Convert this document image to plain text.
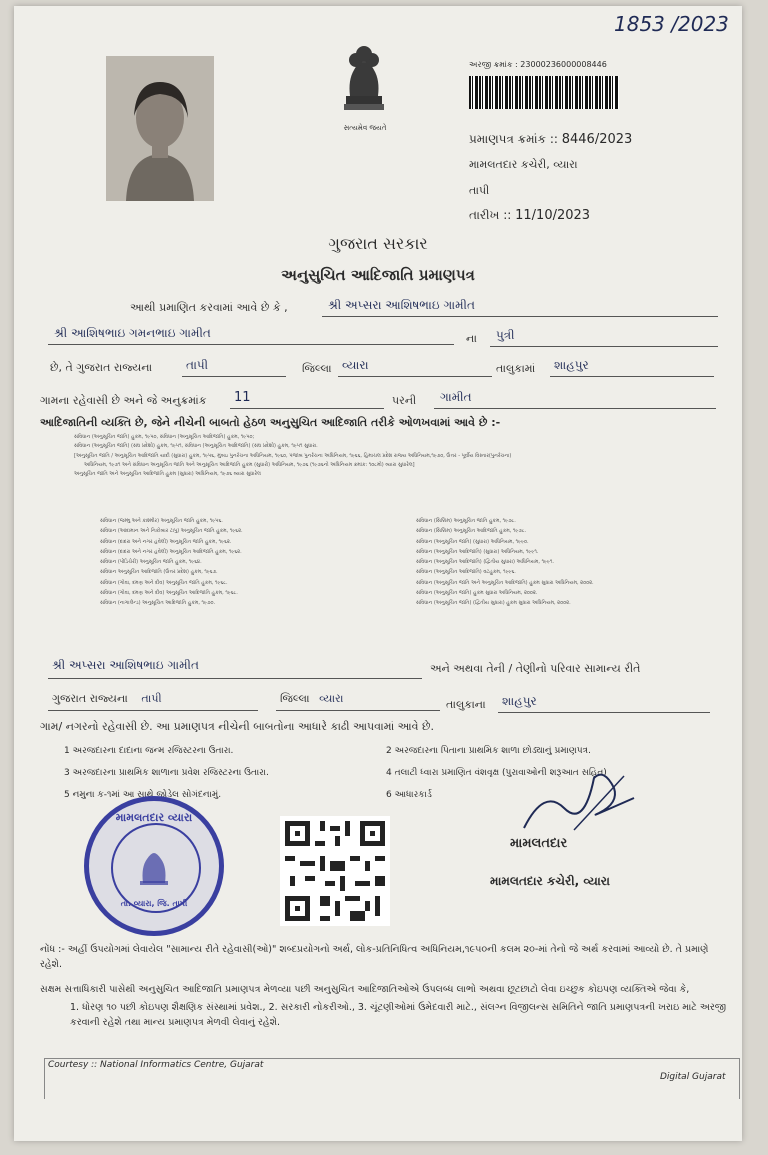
1853 /2023
સત્યમેવ જયતે
અરજી ક્રમાંક : 23000236000008446
પ્રમાણપત્ર ક્રમાંક :: 8446/2023
મામલતદાર કચેરી, વ્યારા
તાપી
તારીખ :: 11/10/2023
ગુજરાત સરકાર
અનુસુચિત આદિજાતિ પ્રમાણપત્ર
આથી પ્રમાણિત કરવામાં આવે છે કે ,	શ્રી અપ્સરા આશિષભાઇ ગામીત
શ્રી આશિષભાઇ ગમનભાઇ ગામીત	ના	પુત્રી
છે, તે ગુજરાત રાજ્યના	તાપી	જિલ્લા વ્યારા	તાલુકામાં	શાહપુર
ગામના રહેવાસી છે અને જે અનુક્રમાંક	11	પરની	ગામીત
આદિજાતિની વ્યક્તિ છે, જેને નીચેની બાબતો હેઠળ અનુસુચિત આદિજાતિ તરીકે ઓળખવામાં આવે છે :-
સંવિધાન (અનુસૂચિત જાતિ) હુકમ, ૧૯૫૦, સંવિધાન (અનુસૂચિત આદિજાતિ) હુકમ, ૧૯૫૦;
સંવિધાન (અનુસૂચિત જાતિ) (સંઘ પ્રદેશો) હુકમ, ૧૯૫૧, સંવિધાન (અનુસૂચિત આદિજાતિ) (સંઘ પ્રદેશો) હુકમ, ૧૯૫૧ સુધારા.
[અનુસૂચિત જાતિ / અનુસૂચિત આદિજાતિ યાદી (સુધારા) હુકમ, ૧૯૫૬, મુંબઇ પુનર્રચના અધિનિયમ, ૧૯૬૦, પંજાબ પુનર્રચના અધિનિયમ, ૧૯૬૬, હિમાચલ પ્રદેશ રાજ્ય અધિનિયમ,૧૯૭૦, ઉત્તર - પૂર્વીય વિસ્તાર(પુનર્રચના)
અધિનિયમ, ૧૯૭૧ અને સંવિધાન અનુસૂચિત જાતિ અને અનુસૂચિત આદિજાતિ હુકમ (સુધારો) અધિનિયમ, ૧૯૭૬ (૧૯૭૬નો અધિનિયમ ક્રમાંક: ૧૦૮મો) વ્યારા સુધારેલ]
અનુસૂચિત જાતિ અને અનુસૂચિત આદિજાતિ હુકમ (સુધારા) અધિનિયમ, ૧૯૭૬ વ્યારા સુધારેલ
સંવિધાન (જમ્મુ અને કાશ્મીર) અનુસૂચિત જાતિ હુકમ, ૧૯૫૬.
સંવિધાન (આંદામાન અને નિકોબાર ટાપુ) અનુસૂચિત જાતિ હુકમ, ૧૯૬૨.
સંવિધાન (દાદરા અને નગર હવેલી) અનુસૂચિત જાતિ હુકમ, ૧૯૬૨.
સંવિધાન (દાદરા અને નગર હવેલી) અનુસૂચિત આદિજાતિ હુકમ, ૧૯૬૨.
સંવિધાન (પોંડિચેરી) અનુસૂચિત જાતિ હુકમ, ૧૯૬૪.
સંવિધાન અનુસૂચિત આદિજાતિ (ઉત્તર પ્રદેશ) હુકમ, ૧૯૬૭.
સંવિધાન (ગોવા, દમણ અને દીવ) અનુસૂચિત જાતિ હુકમ, ૧૯૬૮.
સંવિધાન (ગોવા, દમણ અને દીવ) અનુસૂચિત આદિજાતિ હુકમ, ૧૯૬૮.
સંવિધાન (નાગાલેન્ડ) અનુસૂચિત આદિજાતિ હુકમ, ૧૯૭૦.
સંવિધાન (સિક્કિમ) અનુસૂચિત જાતિ હુકમ, ૧૯૭૮.
સંવિધાન (સિક્કિમ) અનુસૂચિત આદિજાતિ હુકમ, ૧૯૭૮.
સંવિધાન (અનુસૂચિત જાતિ) (સુધારા) અધિનિયમ, ૧૯૯૦.
સંવિધાન (અનુસૂચિત આદિજાતિ) (સુધારા) અધિનિયમ, ૧૯૯૧.
સંવિધાન (અનુસૂચિત આદિજાતિ) (દ્વિતીય સુધારા) અધિનિયમ, ૧૯૯૧.
સંવિધાન (અનુસૂચિત આદિજાતિ) વટહુકમ, ૧૯૯૬.
સંવિધાન (અનુસૂચિત જાતિ અને અનુસૂચિત આદિજાતિ) હુકમ સુધારા અધિનિયમ, ૨૦૦૨.
સંવિધાન (અનુસૂચિત જાતિ) હુકમ સુધારા અધિનિયમ, ૨૦૦૨.
સંવિધાન (અનુસૂચિત જાતિ) (દ્વિતીય સુધારા) હુકમ સુધારા અધિનિયમ, ૨૦૦૨.
શ્રી અપ્સરા આશિષભાઇ ગામીત	અને અથવા તેની / તેણીનો પરિવાર સામાન્ય રીતે
ગુજરાત રાજ્યના તાપી	જિલ્લા વ્યારા	તાલુકાના	શાહપુર
ગામ/ નગરનો રહેવાસી છે. આ પ્રમાણપત્ર નીચેની બાબતોના આધારે કાઢી આપવામાં આવે છે.
1 અરજદારના દાદાના જન્મ રજિસ્ટરના ઉતારા.
3 અરજદારના પ્રાથમિક શાળાના પ્રવેશ રજિસ્ટરના ઉતારા.
5 નમુના ક-૧માં આ સાથે જોડેલ સોગંદનામું.
2 અરજદારના પિતાના પ્રાથમિક શાળા છોડ્યાનું પ્રમાણપત્ર.
4 તલાટી ધ્વારા પ્રમાણિત વંશવૃક્ષ (પુરાવાઓની શરૂઆત સહિત)
6 આધારકાર્ડ
મામલતદાર વ્યારા
તા. વ્યારા, જિ. તાપી
મામલતદાર
મામલતદાર કચેરી, વ્યારા
નોંધ :- અહીં ઉપયોગમાં લેવાયેલ "સામાન્ય રીતે રહેવાસી(ઓ)" શબ્દપ્રયોગનો અર્થ, લોક-પ્રતિનિધિત્વ અધિનિયમ,૧૯૫૦ની કલમ ૨૦-માં તેનો જે અર્થ કરવામાં આવ્યો છે. તે પ્રમાણે રહેશે.
સક્ષમ સત્તાધિકારી પાસેથી અનુસુચિત આદિજાતિ પ્રમાણપત્ર મેળવ્યા પછી અનુસુચિત આદિજાતિઓએ ઉપલબ્ધ લાભો અથવા છૂટછાટો લેવા ઇચ્છુક કોઇપણ વ્યક્તિએ જેવા કે,
1. ધોરણ ૧૦ પછી કોઇપણ શૈક્ષણિક સંસ્થામાં પ્રવેશ., 2. સરકારી નોકરીઓ., 3. ચૂંટણીઓમાં ઉમેદવારી માટે., સંલગ્ન વિજીલન્સ સમિતિને જાતિ પ્રમાણપત્રની ખરાઇ માટે અરજી કરવાની રહેશે તથા માન્ય પ્રમાણપત્ર મેળવી લેવાનું રહેશે.
Courtesy :: National Informatics Centre, Gujarat
Digital Gujarat
